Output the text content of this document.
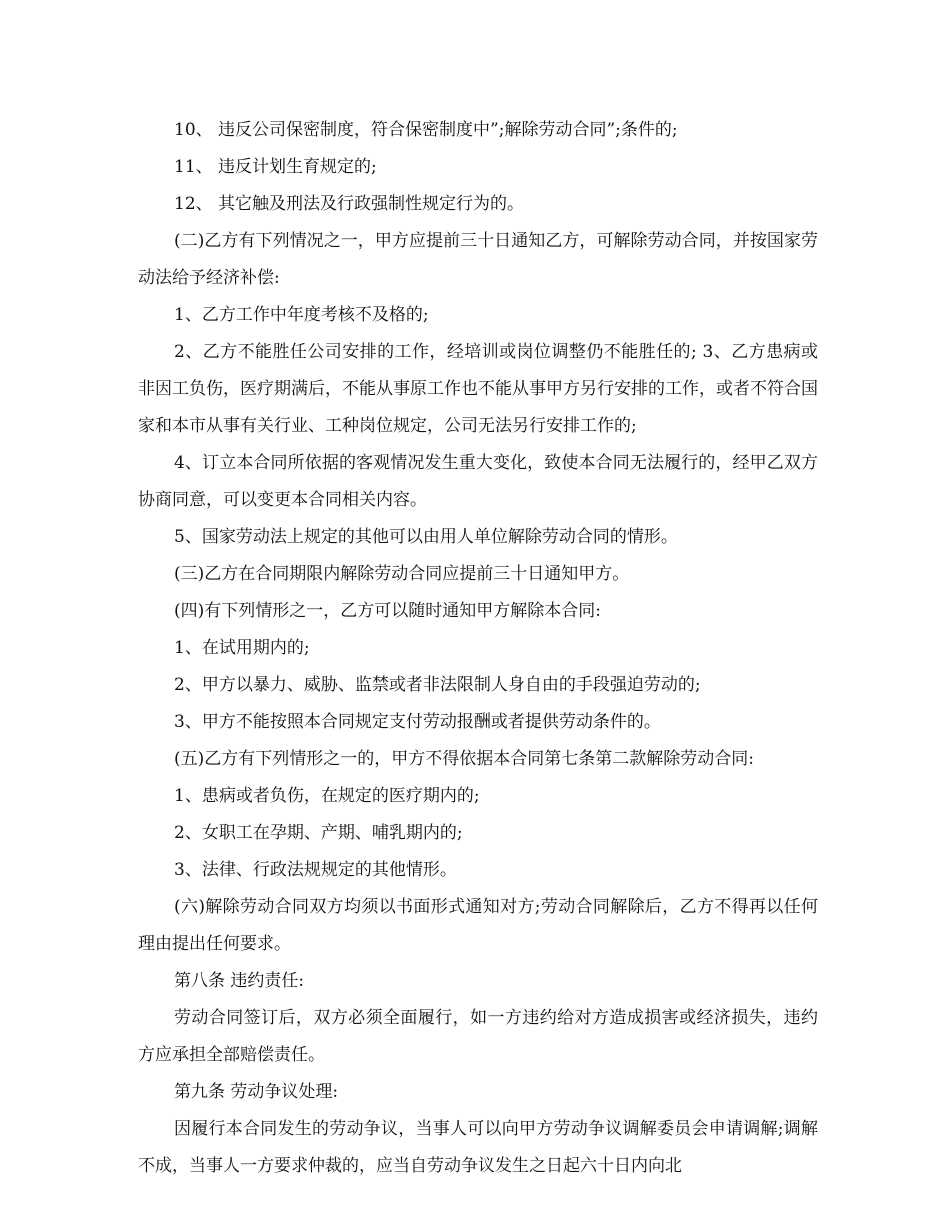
10、 违反公司保密制度，符合保密制度中”;解除劳动合同”;条件的;

11、 违反计划生育规定的;

12、 其它触及刑法及行政强制性规定行为的。

(二)乙方有下列情况之一，甲方应提前三十日通知乙方，可解除劳动合同，并按国家劳动法给予经济补偿:

1、乙方工作中年度考核不及格的;

2、乙方不能胜任公司安排的工作，经培训或岗位调整仍不能胜任的; 3、乙方患病或非因工负伤，医疗期满后，不能从事原工作也不能从事甲方另行安排的工作，或者不符合国家和本市从事有关行业、工种岗位规定，公司无法另行安排工作的;

4、订立本合同所依据的客观情况发生重大变化，致使本合同无法履行的，经甲乙双方协商同意，可以变更本合同相关内容。

5、国家劳动法上规定的其他可以由用人单位解除劳动合同的情形。

(三)乙方在合同期限内解除劳动合同应提前三十日通知甲方。

(四)有下列情形之一，乙方可以随时通知甲方解除本合同:

1、在试用期内的;

2、甲方以暴力、威胁、监禁或者非法限制人身自由的手段强迫劳动的;

3、甲方不能按照本合同规定支付劳动报酬或者提供劳动条件的。

(五)乙方有下列情形之一的，甲方不得依据本合同第七条第二款解除劳动合同:

1、患病或者负伤，在规定的医疗期内的;

2、女职工在孕期、产期、哺乳期内的;

3、法律、行政法规规定的其他情形。

(六)解除劳动合同双方均须以书面形式通知对方;劳动合同解除后，乙方不得再以任何理由提出任何要求。

第八条 违约责任:

劳动合同签订后，双方必须全面履行，如一方违约给对方造成损害或经济损失，违约方应承担全部赔偿责任。

第九条 劳动争议处理:

因履行本合同发生的劳动争议，当事人可以向甲方劳动争议调解委员会申请调解;调解不成，当事人一方要求仲裁的，应当自劳动争议发生之日起六十日内向北
